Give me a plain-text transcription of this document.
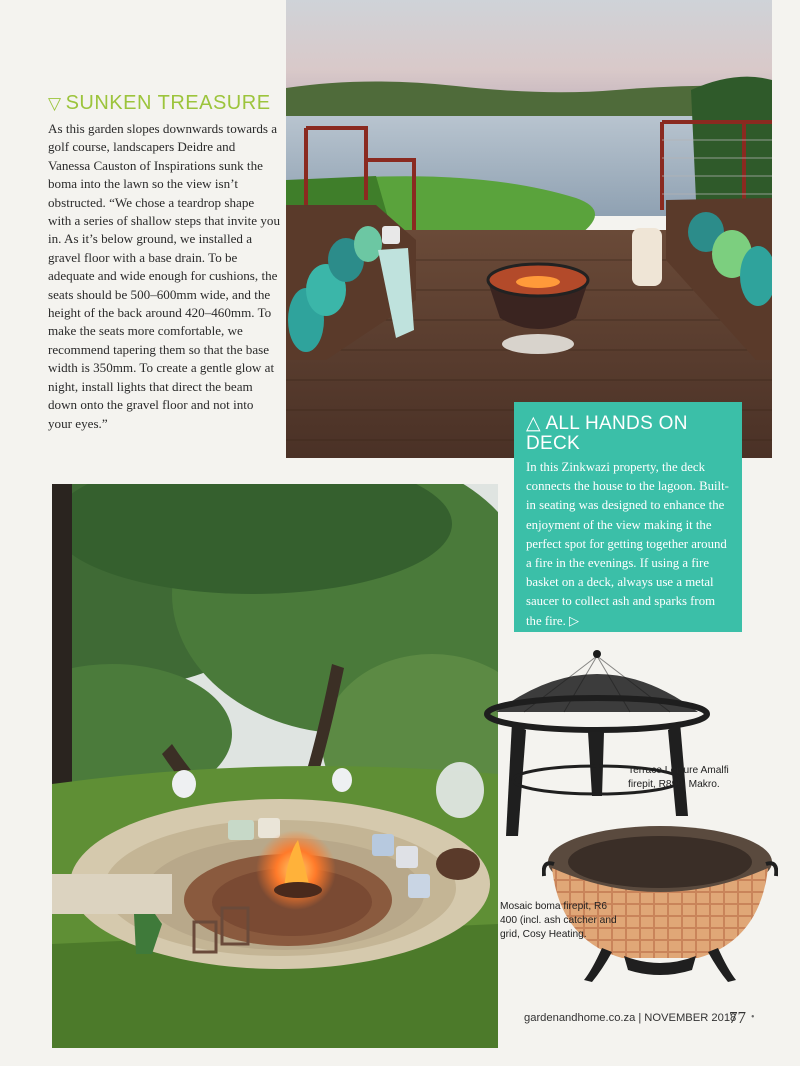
▽ SUNKEN TREASURE

As this garden slopes downwards towards a golf course, landscapers Deidre and Vanessa Causton of Inspirations sunk the boma into the lawn so the view isn’t obstructed. “We chose a teardrop shape with a series of shallow steps that invite you in. As it’s below ground, we installed a gravel floor with a base drain. To be adequate and wide enough for cushions, the seats should be 500–600mm wide, and the height of the back around 420–460mm. To make the seats more comfortable, we recommend tapering them so that the base width is 350mm. To create a gentle glow at night, install lights that direct the beam down onto the gravel floor and not into your eyes.”	△ ALL HANDS ON DECK
In this Zinkwazi property, the deck connects the house to the lagoon. Built-in seating was designed to enhance the enjoyment of the view making it the perfect spot for getting together around a fire in the evenings. If using a fire basket on a deck, always use a metal saucer to collect ash and sparks from the fire. ▷
Terrace Leisure Amalfi firepit, R899, Makro.
Mosaic boma firepit, R6 400 (incl. ash catcher and grid, Cosy Heating.
gardenandhome.co.za | NOVEMBER 2018
77 •
